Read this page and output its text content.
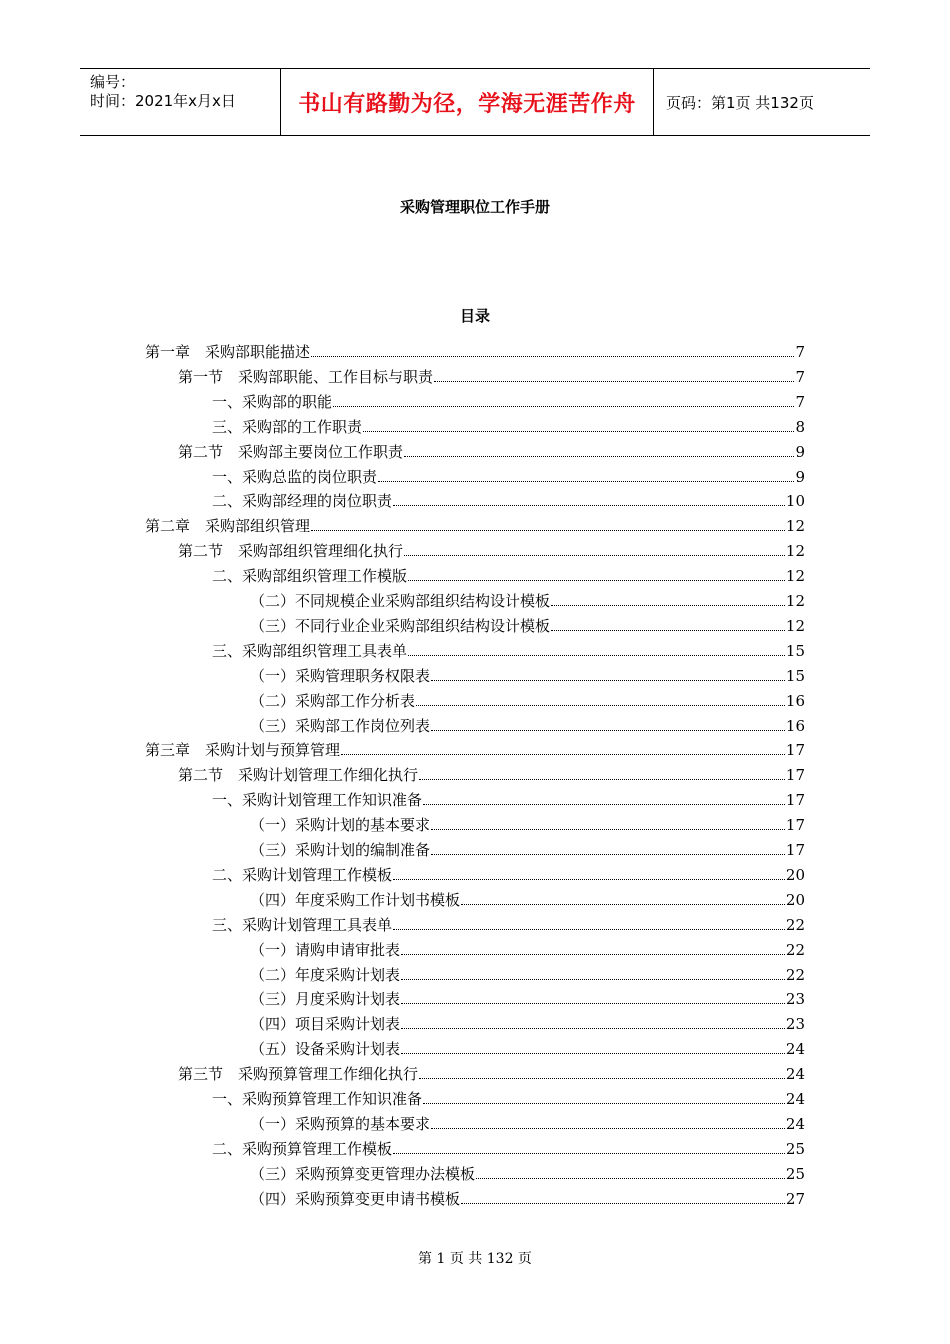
编号：
时间：2021年x月x日	书山有路勤为径，学海无涯苦作舟	页码：第1页 共132页
采购管理职位工作手册
目录
第一章　采购部职能描述	7
第一节　采购部职能、工作目标与职责	7
一、采购部的职能	7
三、采购部的工作职责	8
第二节　采购部主要岗位工作职责	9
一、采购总监的岗位职责	9
二、采购部经理的岗位职责	10
第二章　采购部组织管理	12
第二节　采购部组织管理细化执行	12
二、采购部组织管理工作模版	12
（二）不同规模企业采购部组织结构设计模板	12
（三）不同行业企业采购部组织结构设计模板	12
三、采购部组织管理工具表单	15
（一）采购管理职务权限表	15
（二）采购部工作分析表	16
（三）采购部工作岗位列表	16
第三章　采购计划与预算管理	17
第二节　采购计划管理工作细化执行	17
一、采购计划管理工作知识准备	17
（一）采购计划的基本要求	17
（三）采购计划的编制准备	17
二、采购计划管理工作模板	20
（四）年度采购工作计划书模板	20
三、采购计划管理工具表单	22
（一）请购申请审批表	22
（二）年度采购计划表	22
（三）月度采购计划表	23
（四）项目采购计划表	23
（五）设备采购计划表	24
第三节　采购预算管理工作细化执行	24
一、采购预算管理工作知识准备	24
（一）采购预算的基本要求	24
二、采购预算管理工作模板	25
（三）采购预算变更管理办法模板	25
（四）采购预算变更申请书模板	27
第 1 页 共 132 页
